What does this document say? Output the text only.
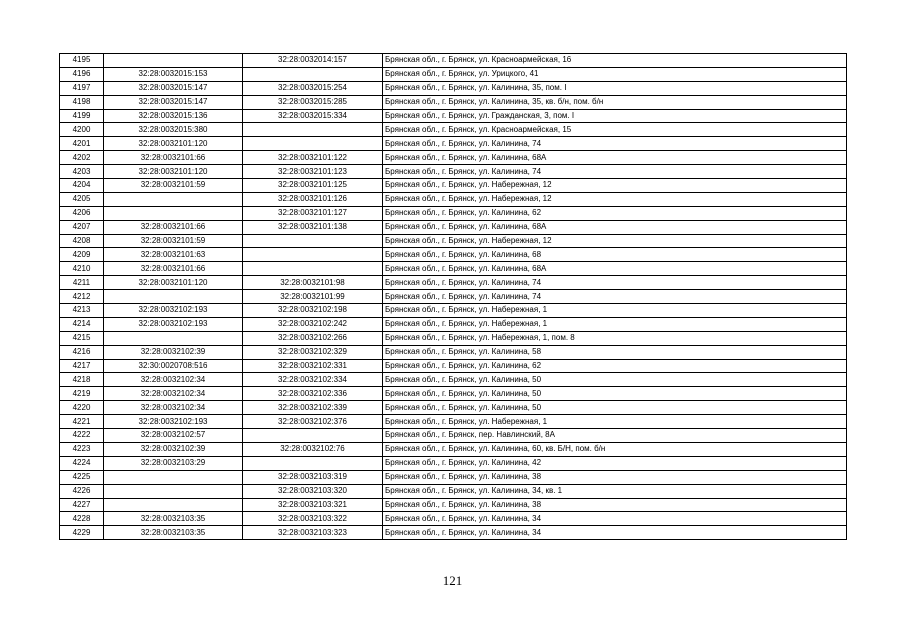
4195		32:28:0032014:157	Брянская обл., г. Брянск, ул. Красноармейская, 16
4196	32:28:0032015:153		Брянская обл., г. Брянск, ул. Урицкого, 41
4197	32:28:0032015:147	32:28:0032015:254	Брянская обл., г. Брянск, ул. Калинина, 35, пом. I
4198	32:28:0032015:147	32:28:0032015:285	Брянская обл., г. Брянск, ул. Калинина, 35, кв. б/н, пом. б/н
4199	32:28:0032015:136	32:28:0032015:334	Брянская обл., г. Брянск, ул. Гражданская, 3, пом. I
4200	32:28:0032015:380		Брянская обл., г. Брянск, ул. Красноармейская, 15
4201	32:28:0032101:120		Брянская обл., г. Брянск, ул. Калинина, 74
4202	32:28:0032101:66	32:28:0032101:122	Брянская обл., г. Брянск, ул. Калинина, 68А
4203	32:28:0032101:120	32:28:0032101:123	Брянская обл., г. Брянск, ул. Калинина, 74
4204	32:28:0032101:59	32:28:0032101:125	Брянская обл., г. Брянск, ул. Набережная, 12
4205		32:28:0032101:126	Брянская обл., г. Брянск, ул. Набережная, 12
4206		32:28:0032101:127	Брянская обл., г. Брянск, ул. Калинина, 62
4207	32:28:0032101:66	32:28:0032101:138	Брянская обл., г. Брянск, ул. Калинина, 68А
4208	32:28:0032101:59		Брянская обл., г. Брянск, ул. Набережная, 12
4209	32:28:0032101:63		Брянская обл., г. Брянск, ул. Калинина, 68
4210	32:28:0032101:66		Брянская обл., г. Брянск, ул. Калинина, 68А
4211	32:28:0032101:120	32:28:0032101:98	Брянская обл., г. Брянск, ул. Калинина, 74
4212		32:28:0032101:99	Брянская обл., г. Брянск, ул. Калинина, 74
4213	32:28:0032102:193	32:28:0032102:198	Брянская обл., г. Брянск, ул. Набережная, 1
4214	32:28:0032102:193	32:28:0032102:242	Брянская обл., г. Брянск, ул. Набережная, 1
4215		32:28:0032102:266	Брянская обл., г. Брянск, ул. Набережная, 1, пом. 8
4216	32:28:0032102:39	32:28:0032102:329	Брянская обл., г. Брянск, ул. Калинина, 58
4217	32:30:0020708:516	32:28:0032102:331	Брянская обл., г. Брянск, ул. Калинина, 62
4218	32:28:0032102:34	32:28:0032102:334	Брянская обл., г. Брянск, ул. Калинина, 50
4219	32:28:0032102:34	32:28:0032102:336	Брянская обл., г. Брянск, ул. Калинина, 50
4220	32:28:0032102:34	32:28:0032102:339	Брянская обл., г. Брянск, ул. Калинина, 50
4221	32:28:0032102:193	32:28:0032102:376	Брянская обл., г. Брянск, ул. Набережная, 1
4222	32:28:0032102:57		Брянская обл., г. Брянск, пер. Навлинский, 8А
4223	32:28:0032102:39	32:28:0032102:76	Брянская обл., г. Брянск, ул. Калинина, 60, кв. Б/Н, пом. б/н
4224	32:28:0032103:29		Брянская обл., г. Брянск, ул. Калинина, 42
4225		32:28:0032103:319	Брянская обл., г. Брянск, ул. Калинина, 38
4226		32:28:0032103:320	Брянская обл., г. Брянск, ул. Калинина, 34, кв. 1
4227		32:28:0032103:321	Брянская обл., г. Брянск, ул. Калинина, 38
4228	32:28:0032103:35	32:28:0032103:322	Брянская обл., г. Брянск, ул. Калинина, 34
4229	32:28:0032103:35	32:28:0032103:323	Брянская обл., г. Брянск, ул. Калинина, 34
121
